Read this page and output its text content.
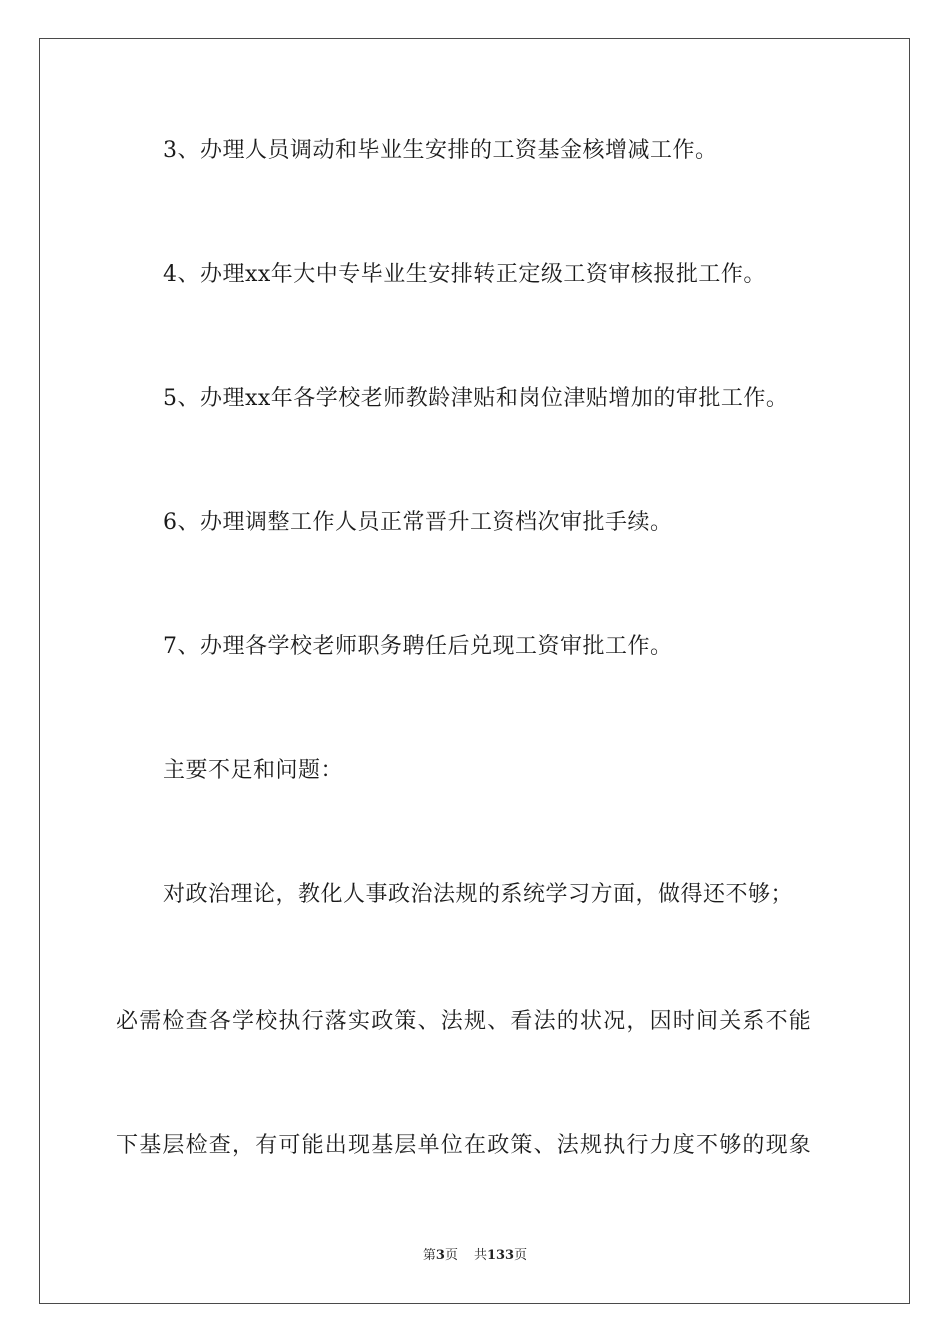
3、办理人员调动和毕业生安排的工资基金核增减工作。
4、办理xx年大中专毕业生安排转正定级工资审核报批工作。
5、办理xx年各学校老师教龄津贴和岗位津贴增加的审批工作。
6、办理调整工作人员正常晋升工资档次审批手续。
7、办理各学校老师职务聘任后兑现工资审批工作。
主要不足和问题：
对政治理论，教化人事政治法规的系统学习方面，做得还不够；
必需检查各学校执行落实政策、法规、看法的状况，因时间关系不能
下基层检查，有可能出现基层单位在政策、法规执行力度不够的现象
第3页 共133页
